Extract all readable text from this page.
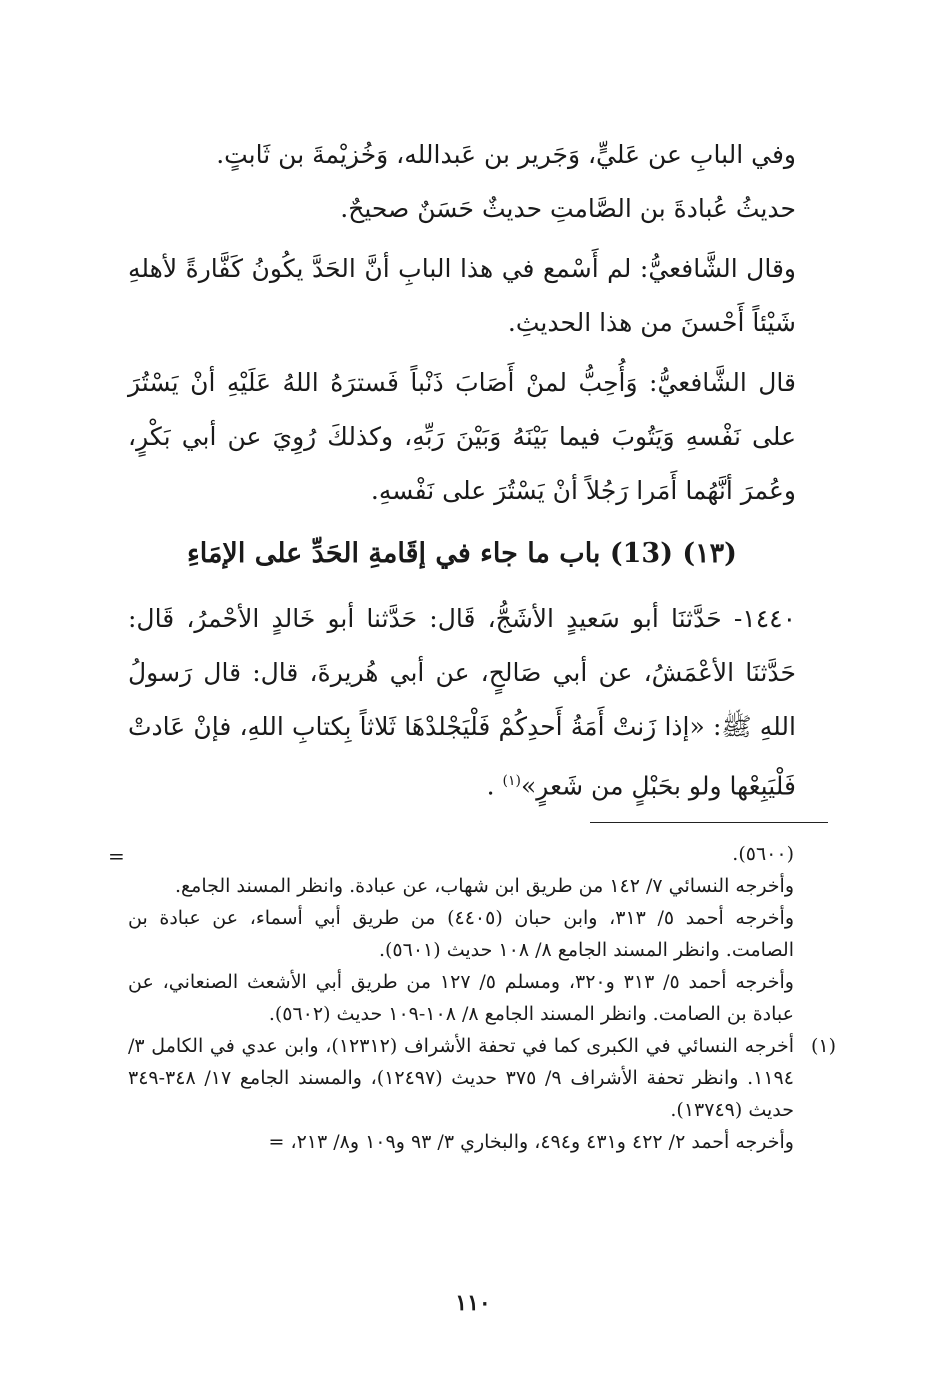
وفي البابِ عن عَليٍّ، وَجَرير بن عَبدالله، وَخُزيْمةَ بن ثَابتٍ.

حديثُ عُبادةَ بن الصَّامتِ حديثٌ حَسَنٌ صحيحٌ.

وقال الشَّافعيُّ: لم أَسْمع في هذا البابِ أنَّ الحَدَّ يكُونُ كَفَّارةً لأهلهِ شَيْئاً أَحْسنَ من هذا الحديثِ.

قال الشَّافعيُّ: وَأُحِبُّ لمنْ أَصَابَ ذَنْباً فَسترَهُ اللهُ عَلَيْهِ أنْ يَسْتُرَ على نَفْسهِ وَيَتُوبَ فيما بَيْنَهُ وَبَيْنَ رَبِّهِ، وكذلكَ رُوِيَ عن أبي بَكْرٍ، وعُمرَ أنَّهُما أَمَرا رَجُلاً أنْ يَسْتُرَ على نَفْسهِ.

(١٣) (13) باب ما جاء في إقَامةِ الحَدِّ على الإمَاءِ

١٤٤٠- حَدَّثنَا أبو سَعيدٍ الأشَجُّ، قَال: حَدَّثنا أبو خَالدٍ الأحْمرُ، قَال: حَدَّثنَا الأعْمَشُ، عن أبي صَالحٍ، عن أبي هُريرةَ، قال: قال رَسولُ اللهِ ﷺ: «إذا زَنتْ أَمَةُ أَحدِكُمْ فَلْيَجْلدْهَا ثَلاثاً بِكتابِ اللهِ، فإنْ عَادتْ فَلْيَبِعْها ولو بحَبْلٍ من شَعرٍ»$^{(١)}$ .

=	(٥٦٠٠).

وأخرجه النسائي ٧/ ١٤٢ من طريق ابن شهاب، عن عبادة. وانظر المسند الجامع.

وأخرجه أحمد ٥/ ٣١٣، وابن حبان (٤٤٠٥) من طريق أبي أسماء، عن عبادة بن الصامت. وانظر المسند الجامع ٨/ ١٠٨ حديث (٥٦٠١).

وأخرجه أحمد ٥/ ٣١٣ و٣٢٠، ومسلم ٥/ ١٢٧ من طريق أبي الأشعث الصنعاني، عن عبادة بن الصامت. وانظر المسند الجامع ٨/ ١٠٨-١٠٩ حديث (٥٦٠٢).

(١)
أخرجه النسائي في الكبرى كما في تحفة الأشراف (١٢٣١٢)، وابن عدي في الكامل ٣/ ١١٩٤. وانظر تحفة الأشراف ٩/ ٣٧٥ حديث (١٢٤٩٧)، والمسند الجامع ١٧/ ٣٤٨-٣٤٩ حديث (١٣٧٤٩).

وأخرجه أحمد ٢/ ٤٢٢ و٤٣١ و٤٩٤، والبخاري ٣/ ٩٣ و١٠٩ و٨/ ٢١٣، =

١١٠
